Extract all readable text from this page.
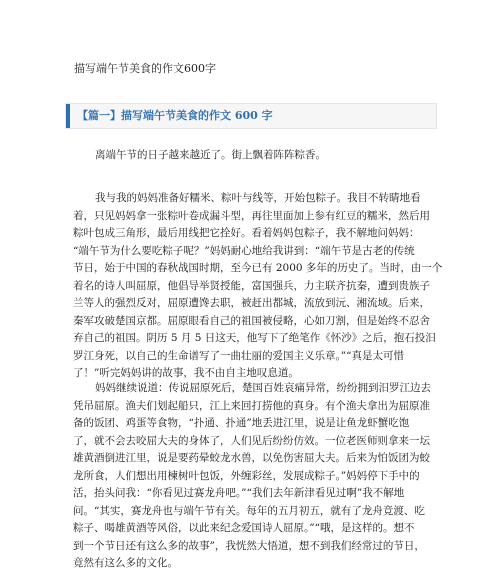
描写端午节美食的作文600字
【篇一】描写端午节美食的作文 600 字
离端午节的日子越来越近了。街上飘着阵阵粽香。
我与我的妈妈准备好糯米、粽叶与线等，开始包粽子。我目不转睛地看
着，只见妈妈拿一张粽叶卷成漏斗型，再往里面加上参有红豆的糯米，然后用
粽叶包成三角形，最后用线把它拴好。看着妈妈包粽子，我不解地问妈妈：
“端午节为什么要吃粽子呢？”妈妈耐心地给我讲到：“端午节是古老的传统
节日，始于中国的春秋战国时期，至今已有 2000 多年的历史了。当时，由一个
着名的诗人叫屈原，他倡导举贤授能，富国强兵，力主联齐抗秦，遭到贵族子
兰等人的强烈反对，屈原遭馋去职，被赶出都城，流放到沅、湘流域。后来，
秦军攻破楚国京都。屈原眼看自己的祖国被侵略，心如刀割，但是始终不忍舍
弃自己的祖国。阴历 5 月 5 日这天，他写下了绝笔作《怀沙》之后，抱石投汨
罗江身死，以自己的生命谱写了一曲壮丽的爱国主义乐章。”“真是太可惜
了！”听完妈妈讲的故事，我不由自主地叹息道。
妈妈继续说道：传说屈原死后，楚国百姓哀痛异常，纷纷拥到汨罗江边去
凭吊屈原。渔夫们划起船只，江上来回打捞他的真身。有个渔夫拿出为屈原准
备的饭团、鸡蛋等食物，“扑通、扑通”地丢进江里，说是让鱼龙虾蟹吃饱
了，就不会去咬屈大夫的身体了，人们见后纷纷仿效。一位老医师则拿来一坛
雄黄酒倒进江里，说是要药晕蛟龙水兽，以免伤害屈大夫。后来为怕饭团为蛟
龙所食，人们想出用楝树叶包饭，外缠彩丝，发展成粽子。”妈妈停下手中的
活，抬头问我：“你看见过赛龙舟吧。”“我们去年新津看见过啊”我不解地
问。“其实，赛龙舟也与端午节有关。每年的五月初五，就有了龙舟竞渡、吃
粽子、喝雄黄酒等风俗，以此来纪念爱国诗人屈原。”“哦，是这样的。想不
到一个节日还有这么多的故事”，我恍然大悟道，想不到我们经常过的节日，
竟然有这么多的文化。
